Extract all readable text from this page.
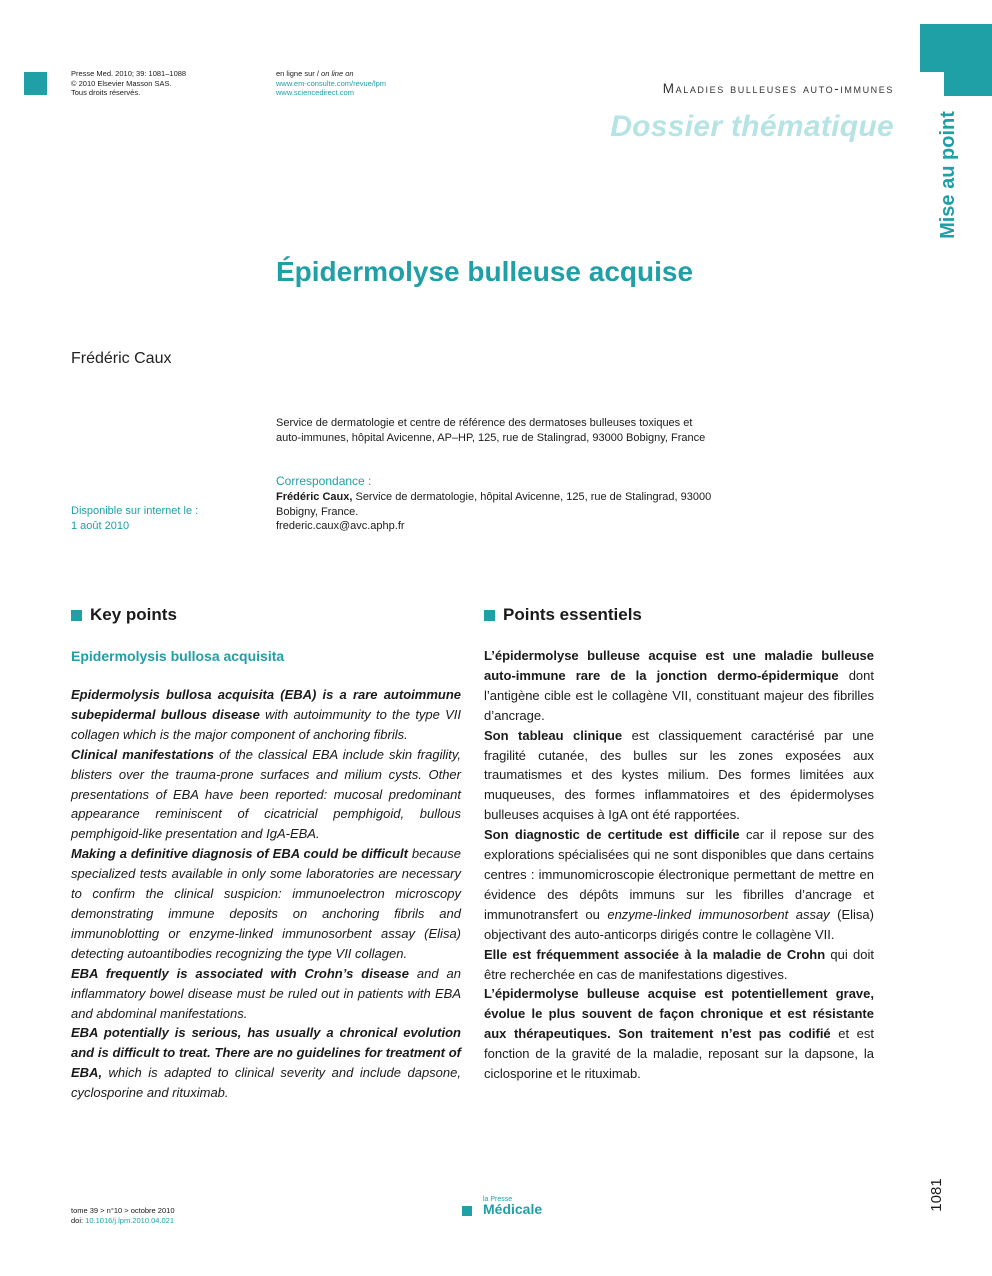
Presse Med. 2010; 39: 1081–1088
© 2010 Elsevier Masson SAS.
Tous droits réservés.
en ligne sur / on line on
www.em-consulte.com/revue/lpm
www.sciencedirect.com	Maladies bulleuses auto-immunes
Dossier thématique Mise au point
Épidermolyse bulleuse acquise
Frédéric Caux
Service de dermatologie et centre de référence des dermatoses bulleuses toxiques et auto-immunes, hôpital Avicenne, AP–HP, 125, rue de Stalingrad, 93000 Bobigny, France
Correspondance :
Frédéric Caux, Service de dermatologie, hôpital Avicenne, 125, rue de Stalingrad, 93000 Bobigny, France.
frederic.caux@avc.aphp.fr
Disponible sur internet le :
1 août 2010
Key points
Epidermolysis bullosa acquisita

Epidermolysis bullosa acquisita (EBA) is a rare autoimmune subepidermal bullous disease with autoimmunity to the type VII collagen which is the major component of anchoring fibrils.

Clinical manifestations of the classical EBA include skin fragility, blisters over the trauma-prone surfaces and milium cysts. Other presentations of EBA have been reported: mucosal predominant appearance reminiscent of cicatricial pemphigoid, bullous pemphigoid-like presentation and IgA-EBA.

Making a definitive diagnosis of EBA could be difficult because specialized tests available in only some laboratories are necessary to confirm the clinical suspicion: immunoelectron microscopy demonstrating immune deposits on anchoring fibrils and immunoblotting or enzyme-linked immunosorbent assay (Elisa) detecting autoantibodies recognizing the type VII collagen.

EBA frequently is associated with Crohn’s disease and an inflammatory bowel disease must be ruled out in patients with EBA and abdominal manifestations.

EBA potentially is serious, has usually a chronical evolution and is difficult to treat. There are no guidelines for treatment of EBA, which is adapted to clinical severity and include dapsone, cyclosporine and rituximab.

Points essentiels

L’épidermolyse bulleuse acquise est une maladie bulleuse auto-immune rare de la jonction dermo-épidermique dont l’antigène cible est le collagène VII, constituant majeur des fibrilles d’ancrage.

Son tableau clinique est classiquement caractérisé par une fragilité cutanée, des bulles sur les zones exposées aux traumatismes et des kystes milium. Des formes limitées aux muqueuses, des formes inflammatoires et des épidermolyses bulleuses acquises à IgA ont été rapportées.

Son diagnostic de certitude est difficile car il repose sur des explorations spécialisées qui ne sont disponibles que dans certains centres : immunomicroscopie électronique permettant de mettre en évidence des dépôts immuns sur les fibrilles d’ancrage et immunotransfert ou enzyme-linked immunosorbent assay (Elisa) objectivant des auto-anticorps dirigés contre le collagène VII.

Elle est fréquemment associée à la maladie de Crohn qui doit être recherchée en cas de manifestations digestives.

L’épidermolyse bulleuse acquise est potentiellement grave, évolue le plus souvent de façon chronique et est résistante aux thérapeutiques. Son traitement n’est pas codifié et est fonction de la gravité de la maladie, reposant sur la dapsone, la ciclosporine et le rituximab.

tome 39 > n°10 > octobre 2010
doi: 10.1016/j.lpm.2010.04.021
la Presse
Médicale	1081
